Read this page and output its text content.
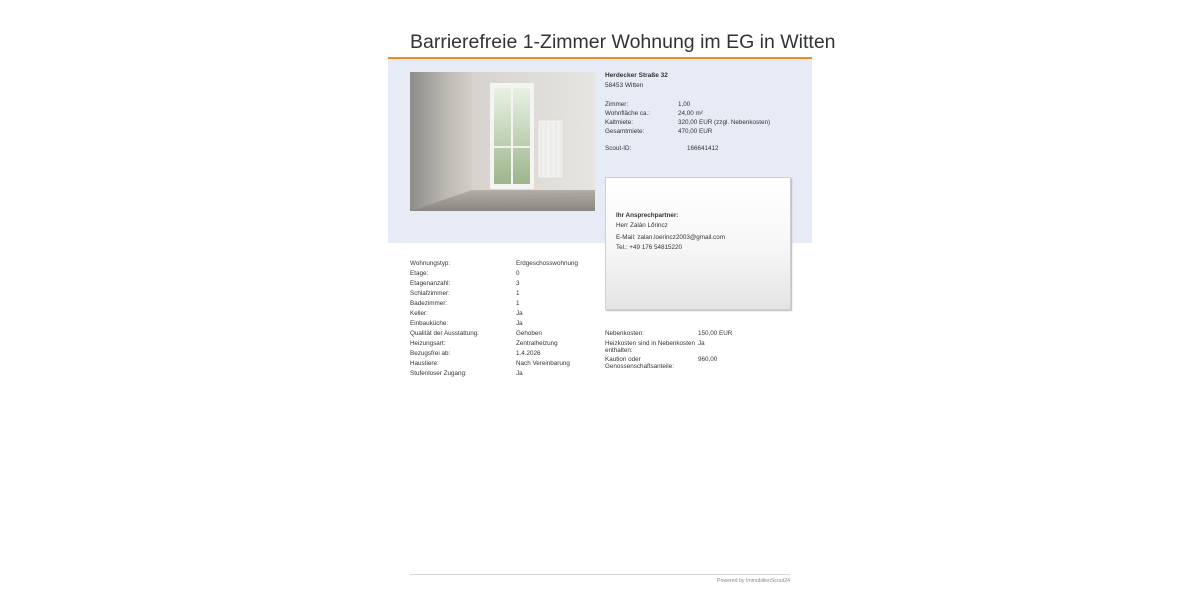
Barrierefreie 1-Zimmer Wohnung im EG in Witten
Herdecker Straße 32
58453 Witten
Zimmer:	1,00
Wohnfläche ca.:	24,00 m²
Kaltmiete:	320,00 EUR (zzgl. Nebenkosten)
Gesamtmiete:	470,00 EUR
Scout-ID:	166641412
Ihr Ansprechpartner:
Herr Zalán Lőrincz
E-Mail: zalan.loerincz2003@gmail.com
Tel.: +49 176 54815220
Wohnungstyp:	Erdgeschosswohnung
Etage:	0
Etagenanzahl:	3
Schlafzimmer:	1
Badezimmer:	1
Keller:	Ja
Einbauküche:	Ja
Qualität der Ausstattung:	Gehoben
Heizungsart:	Zentralheizung
Bezugsfrei ab:	1.4.2026
Haustiere:	Nach Vereinbarung
Stufenloser Zugang:	Ja
Nebenkosten:	150,00 EUR
Heizkosten sind in Nebenkosten enthalten:
Ja
Kaution oder Genossenschaftsanteile:
960,00
Powered by ImmobilienScout24
